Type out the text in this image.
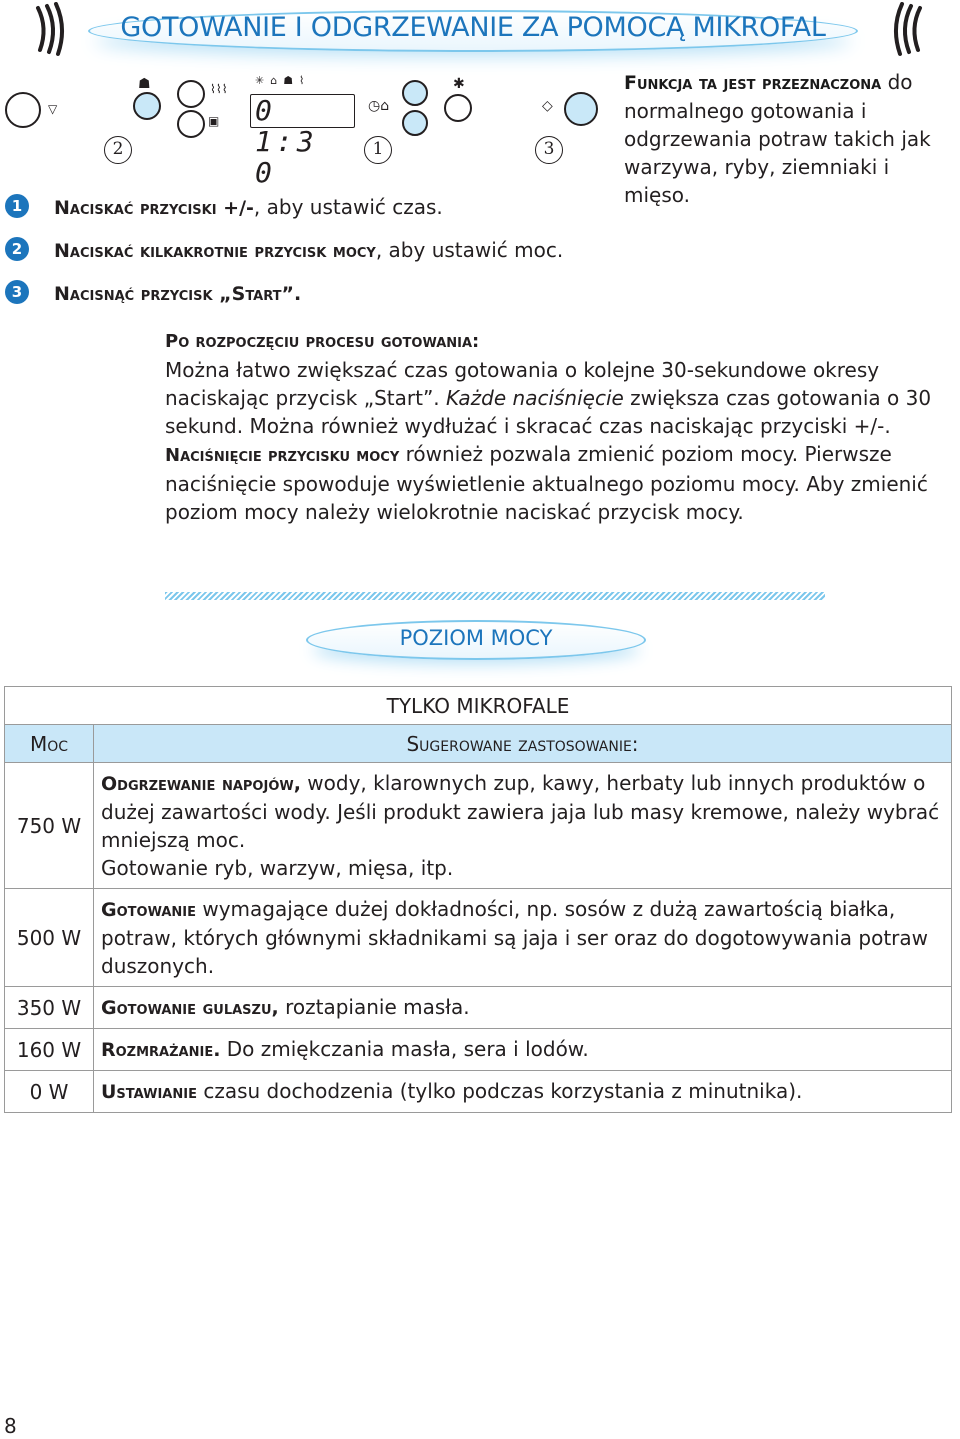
GOTOWANIE I ODGRZEWANIE ZA POMOCĄ MIKROFAL
▽
☗	⌇⌇⌇
▣
✳⌂☗⌇
0 1:3 0
◷⌂
✱
◇
2	1	3
Funkcja ta jest przeznaczona do normalnego gotowania i odgrzewania potraw takich jak warzywa, ryby, ziemniaki i mięso.
1	Naciskać przyciski +/-, aby ustawić czas.
2	Naciskać kilkakrotnie przycisk mocy, aby ustawić moc.
3	Nacisnąć przycisk „Start”.
Po rozpoczęciu procesu gotowania:
Można łatwo zwiększać czas gotowania o kolejne 30-sekundowe okresy naciskając przycisk „Start”. Każde naciśnięcie zwiększa czas gotowania o 30 sekund. Można również wydłużać i skracać czas naciskając przyciski +/-.
Naciśnięcie przycisku mocy również pozwala zmienić poziom mocy. Pierwsze naciśnięcie spowoduje wyświetlenie aktualnego poziomu mocy. Aby zmienić poziom mocy należy wielokrotnie naciskać przycisk mocy.
POZIOM MOCY
TYLKO MIKROFALE	
Moc	Sugerowane zastosowanie:
750 W	Odgrzewanie napojów, wody, klarownych zup, kawy, herbaty lub innych produktów o dużej zawartości wody. Jeśli produkt zawiera jaja lub masy kremowe, należy wybrać mniejszą moc.
Gotowanie ryb, warzyw, mięsa, itp.
500 W	Gotowanie wymagające dużej dokładności, np. sosów z dużą zawartością białka, potraw, których głównymi składnikami są jaja i ser oraz do dogotowywania potraw duszonych.
350 W	Gotowanie gulaszu, roztapianie masła.
160 W	Rozmrażanie. Do zmiękczania masła, sera i lodów.
0 W	Ustawianie czasu dochodzenia (tylko podczas korzystania z minutnika).
8
